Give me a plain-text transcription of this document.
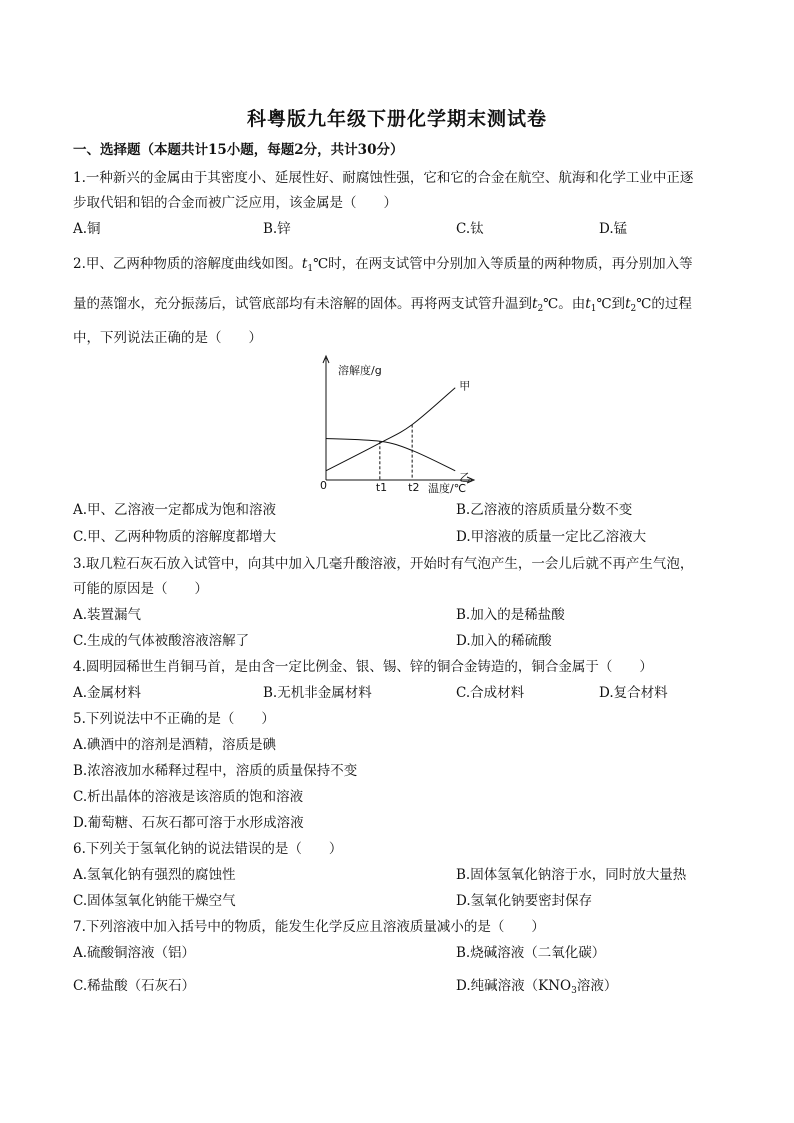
科粤版九年级下册化学期末测试卷
一、选择题（本题共计15小题，每题2分，共计30分）
1.一种新兴的金属由于其密度小、延展性好、耐腐蚀性强，它和它的合金在航空、航海和化学工业中正逐
步取代铝和铝的合金而被广泛应用，该金属是（　　）
A.铜	B.锌	C.钛	D.锰
2.甲、乙两种物质的溶解度曲线如图。$t_1℃$时，在两支试管中分别加入等质量的两种物质，再分别加入等
量的蒸馏水，充分振荡后，试管底部均有未溶解的固体。再将两支试管升温到$t_2℃$。由$t_1℃$到$t_2℃$的过程
中，下列说法正确的是（　　）
溶解度/g
温度/℃
0
甲
乙
t1 t2
A.甲、乙溶液一定都成为饱和溶液	B.乙溶液的溶质质量分数不变
C.甲、乙两种物质的溶解度都增大	D.甲溶液的质量一定比乙溶液大
3.取几粒石灰石放入试管中，向其中加入几毫升酸溶液，开始时有气泡产生，一会儿后就不再产生气泡，
可能的原因是（　　）
A.装置漏气	B.加入的是稀盐酸
C.生成的气体被酸溶液溶解了	D.加入的稀硫酸
4.圆明园稀世生肖铜马首，是由含一定比例金、银、锡、锌的铜合金铸造的，铜合金属于（　　）
A.金属材料	B.无机非金属材料	C.合成材料	D.复合材料
5.下列说法中不正确的是（　　）
A.碘酒中的溶剂是酒精，溶质是碘
B.浓溶液加水稀释过程中，溶质的质量保持不变
C.析出晶体的溶液是该溶质的饱和溶液
D.葡萄糖、石灰石都可溶于水形成溶液
6.下列关于氢氧化钠的说法错误的是（　　）
A.氢氧化钠有强烈的腐蚀性	B.固体氢氧化钠溶于水，同时放大量热
C.固体氢氧化钠能干燥空气	D.氢氧化钠要密封保存
7.下列溶液中加入括号中的物质，能发生化学反应且溶液质量减小的是（　　）
A.硫酸铜溶液（铝）	B.烧碱溶液（二氧化碳）
C.稀盐酸（石灰石）	D.纯碱溶液（$KNO_3$溶液）
